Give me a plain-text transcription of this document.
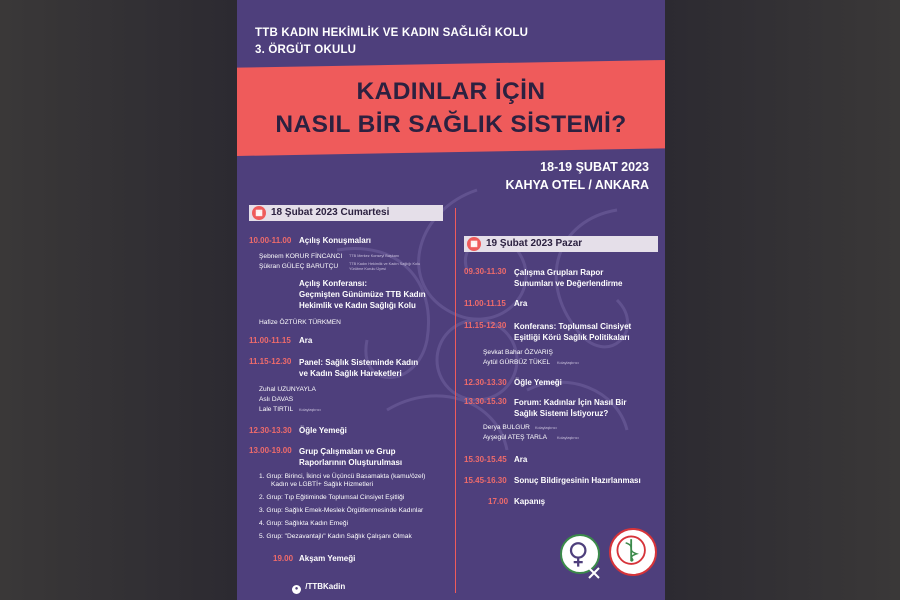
TTB KADIN HEKİMLİK VE KADIN SAĞLIĞI KOLU
3. ÖRGÜT OKULU
KADINLAR İÇİN
NASIL BİR SAĞLIK SİSTEMİ?
18-19 ŞUBAT 2023
KAHYA OTEL / ANKARA
▦ 18 Şubat 2023 Cumartesi
▦ 19 Şubat 2023 Pazar
10.00-11.00 Açılış Konuşmaları
Şebnem KORUR FİNCANCI TTB Merkez Konseyi Başkanı
Şükran GÜLEÇ BARUTÇU	TTB Kadın Hekimlik ve Kadın Sağlığı Kolu
Yürütme Kurulu Üyesi
Açılış Konferansı:
Geçmişten Günümüze TTB Kadın
Hekimlik ve Kadın Sağlığı Kolu
Hafize ÖZTÜRK TÜRKMEN
11.00-11.15 Ara
11.15-12.30 Panel: Sağlık Sisteminde Kadın
ve Kadın Sağlık Hareketleri
Zuhal UZUNYAYLA
Aslı DAVAS
Lale TIRTIL Kolaylaştırıcı
12.30-13.30 Öğle Yemeği
13.00-19.00 Grup Çalışmaları ve Grup
Raporlarının Oluşturulması
1. Grup: Birinci, İkinci ve Üçüncü Basamakta (kamu/özel)
Kadın ve LGBTİ+ Sağlık Hizmetleri
2. Grup: Tıp Eğitiminde Toplumsal Cinsiyet Eşitliği
3. Grup: Sağlık Emek-Meslek Örgütlenmesinde Kadınlar
4. Grup: Sağlıkta Kadın Emeği
5. Grup: "Dezavantajlı" Kadın Sağlık Çalışanı Olmak
19.00 Akşam Yemeği
09.30-11.30 Çalışma Grupları Rapor
Sunumları ve Değerlendirme
11.00-11.15 Ara
11.15-12.30 Konferans: Toplumsal Cinsiyet
Eşitliği Körü Sağlık Politikaları
Şevkat Bahar ÖZVARIŞ
Aytül GÜRBÜZ TÜKEL Kolaylaştırıcı
12.30-13.30 Öğle Yemeği
13.30-15.30 Forum: Kadınlar İçin Nasıl Bir
Sağlık Sistemi İstiyoruz?
Derya BULGUR Kolaylaştırıcı
Ayşegül ATEŞ TARLA	Kolaylaştırıcı
15.30-15.45 Ara
15.45-16.30 Sonuç Bildirgesinin Hazırlanması
17.00 Kapanış
● /TTBKadin
